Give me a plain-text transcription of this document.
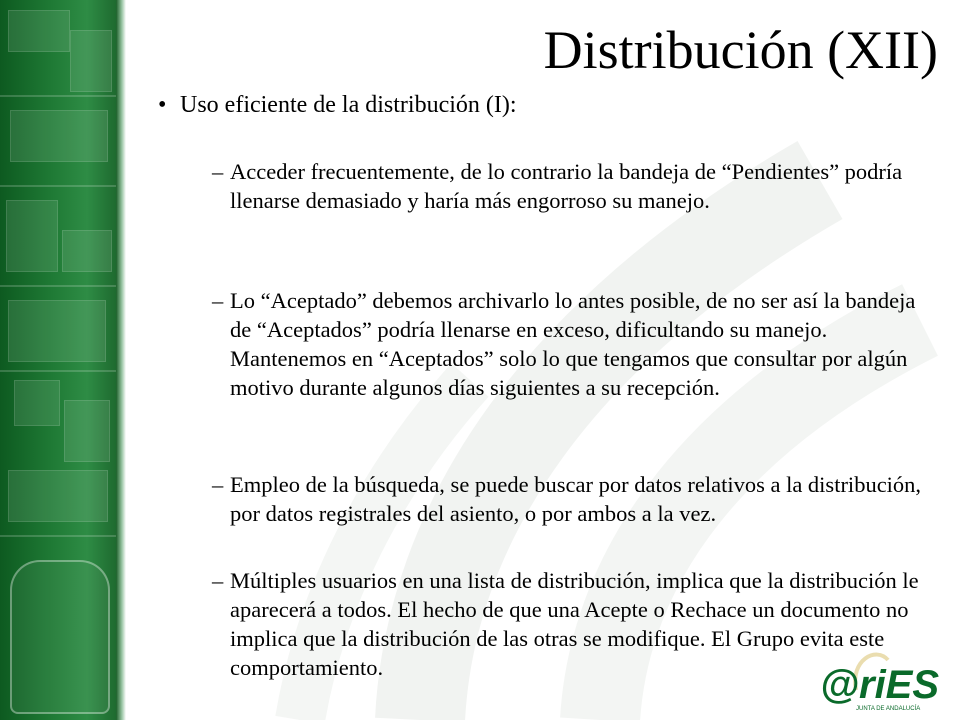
Distribución (XII)
• Uso eficiente de la distribución (I):
– Acceder frecuentemente, de lo contrario la bandeja de “Pendientes” podría llenarse demasiado y haría más engorroso su manejo.
– Lo “Aceptado” debemos archivarlo lo antes posible, de no ser así la bandeja de “Aceptados” podría llenarse en exceso, dificultando su manejo. Mantenemos en “Aceptados” solo lo que tengamos que consultar por algún motivo durante algunos días siguientes a su recepción.
– Empleo de la búsqueda, se puede buscar por datos relativos a la distribución, por datos registrales del asiento, o por ambos a la vez.
– Múltiples usuarios en una lista de distribución, implica que la distribución le aparecerá a todos. El hecho de que una Acepte o Rechace un documento no implica que la distribución de las otras se modifique. El Grupo evita este comportamiento.	@riES
JUNTA DE ANDALUCÍA
